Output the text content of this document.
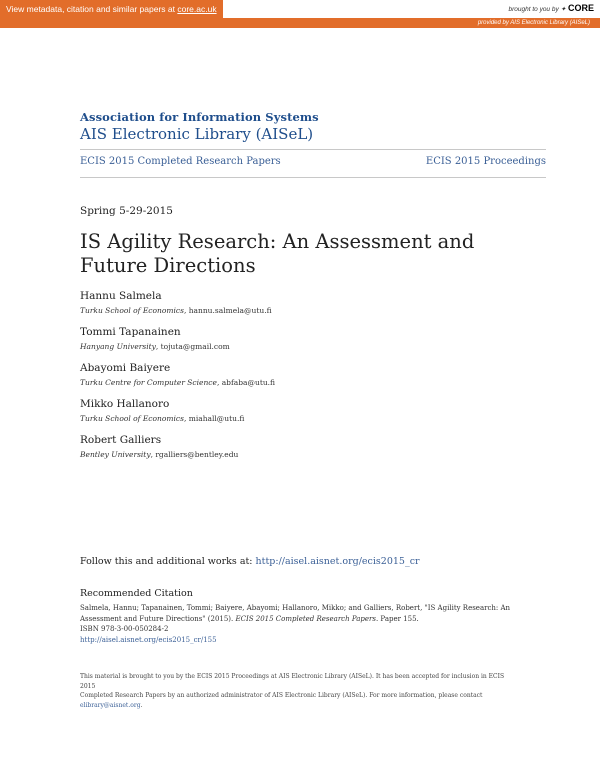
View metadata, citation and similar papers at core.ac.uk	brought to you by ✦ CORE
provided by AIS Electronic Library (AISeL)
Association for Information Systems
AIS Electronic Library (AISeL)
ECIS 2015 Completed Research Papers	ECIS 2015 Proceedings
Spring 5-29-2015
IS Agility Research: An Assessment and Future Directions
Hannu Salmela
Turku School of Economics, hannu.salmela@utu.fi
Tommi Tapanainen
Hanyang University, tojuta@gmail.com
Abayomi Baiyere
Turku Centre for Computer Science, abfaba@utu.fi
Mikko Hallanoro
Turku School of Economics, miahall@utu.fi
Robert Galliers
Bentley University, rgalliers@bentley.edu
Follow this and additional works at: http://aisel.aisnet.org/ecis2015_cr
Recommended Citation
Salmela, Hannu; Tapanainen, Tommi; Baiyere, Abayomi; Hallanoro, Mikko; and Galliers, Robert, "IS Agility Research: An
Assessment and Future Directions" (2015). ECIS 2015 Completed Research Papers. Paper 155.
ISBN 978-3-00-050284-2
http://aisel.aisnet.org/ecis2015_cr/155
This material is brought to you by the ECIS 2015 Proceedings at AIS Electronic Library (AISeL). It has been accepted for inclusion in ECIS 2015
Completed Research Papers by an authorized administrator of AIS Electronic Library (AISeL). For more information, please contact
elibrary@aisnet.org.
